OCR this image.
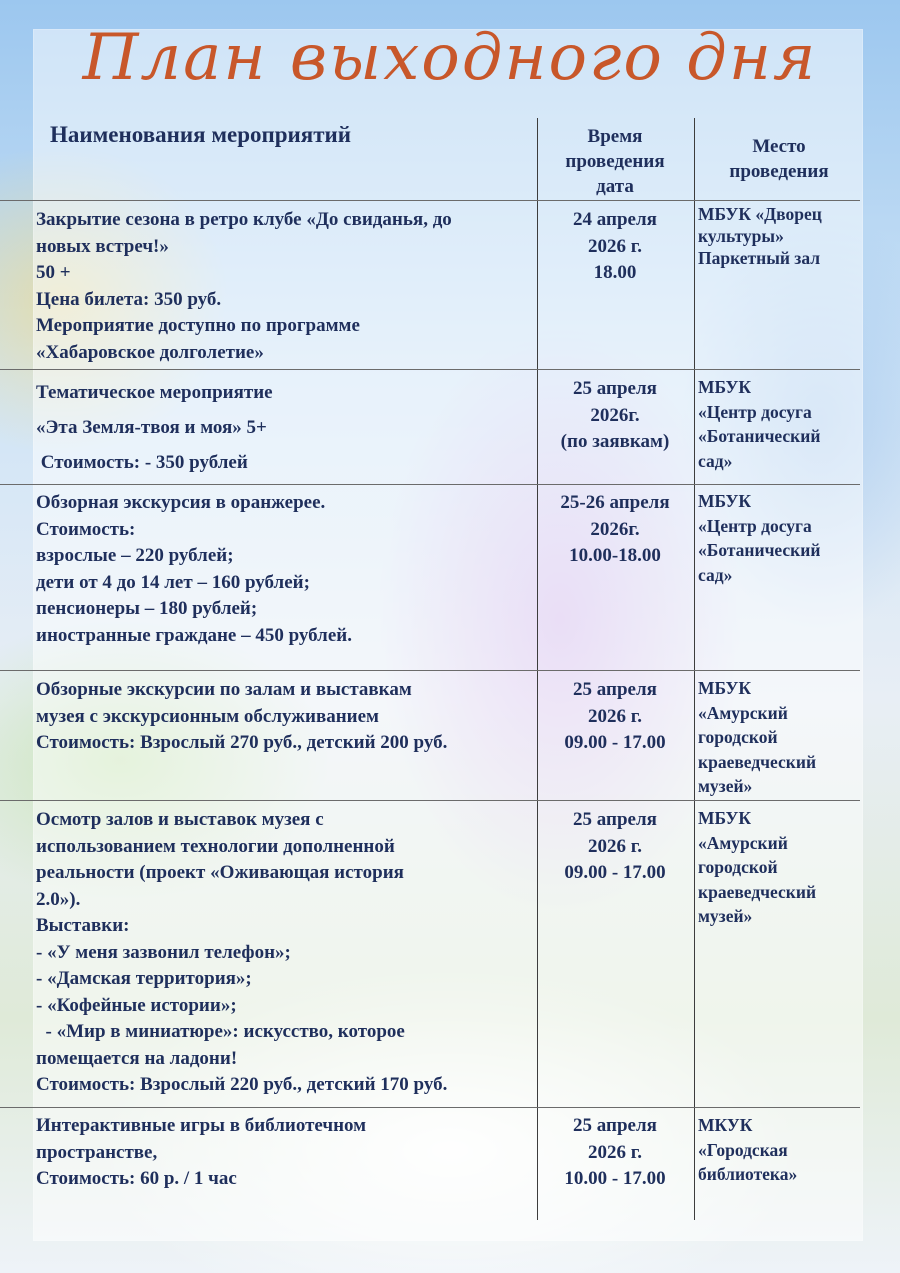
План выходного дня
Наименования мероприятий	Время
проведения
дата
Место
проведения
Закрытие сезона в ретро клубе «До свиданья, до
новых встреч!»
50 +
Цена билета: 350 руб.
Мероприятие доступно по программе
«Хабаровское долголетие»
24 апреля
2026 г.
18.00
МБУК «Дворец
культуры»
Паркетный зал
Тематическое мероприятие
«Эта Земля-твоя и моя» 5+
Стоимость: - 350 рублей
25 апреля
2026г.
(по заявкам)
МБУК
«Центр досуга
«Ботанический
сад»
Обзорная экскурсия в оранжерее.
Стоимость:
взрослые – 220 рублей;
дети от 4 до 14 лет – 160 рублей;
пенсионеры – 180 рублей;
иностранные граждане – 450 рублей.
25-26 апреля
2026г.
10.00-18.00
МБУК
«Центр досуга
«Ботанический
сад»
Обзорные экскурсии по залам и выставкам
музея с экскурсионным обслуживанием
Стоимость: Взрослый 270 руб., детский 200 руб.
25 апреля
2026 г.
09.00 - 17.00
МБУК
«Амурский
городской
краеведческий
музей»
Осмотр залов и выставок музея с
использованием технологии дополненной
реальности (проект «Оживающая история
2.0»).
Выставки:
- «У меня зазвонил телефон»;
- «Дамская территория»;
- «Кофейные истории»;
- «Мир в миниатюре»: искусство, которое
помещается на ладони!
Стоимость: Взрослый 220 руб., детский 170 руб.
25 апреля
2026 г.
09.00 - 17.00
МБУК
«Амурский
городской
краеведческий
музей»
Интерактивные игры в библиотечном
пространстве,
Стоимость: 60 р. / 1 час
25 апреля
2026 г.
10.00 - 17.00
МКУК
«Городская
библиотека»
